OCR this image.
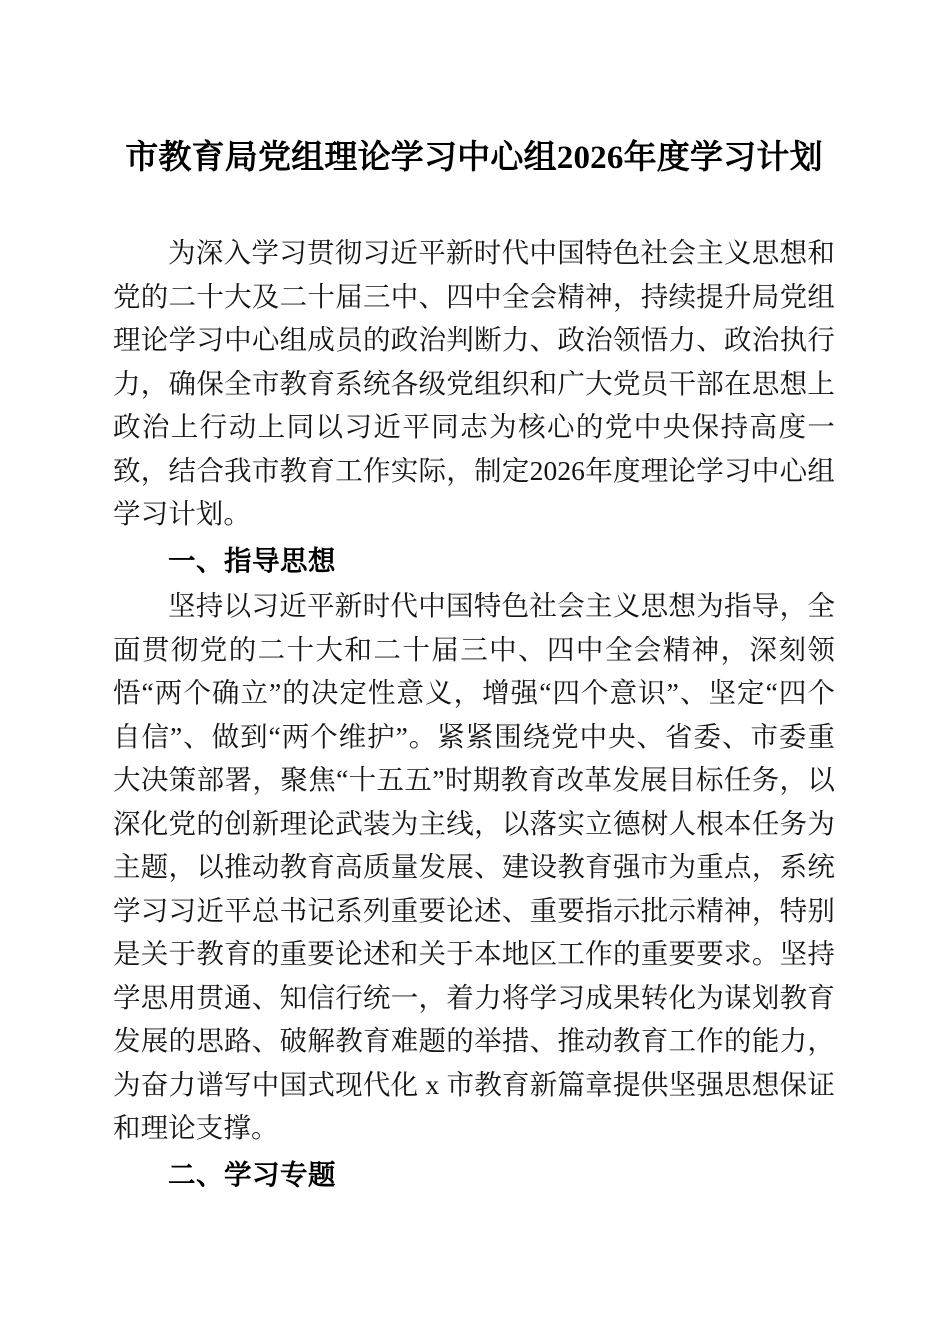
市教育局党组理论学习中心组2026年度学习计划

为深入学习贯彻习近平新时代中国特色社会主义思想和党的二十大及二十届三中、四中全会精神，持续提升局党组理论学习中心组成员的政治判断力、政治领悟力、政治执行力，确保全市教育系统各级党组织和广大党员干部在思想上政治上行动上同以习近平同志为核心的党中央保持高度一致，结合我市教育工作实际，制定2026年度理论学习中心组学习计划。

一、指导思想

坚持以习近平新时代中国特色社会主义思想为指导，全面贯彻党的二十大和二十届三中、四中全会精神，深刻领悟“两个确立”的决定性意义，增强“四个意识”、坚定“四个自信”、做到“两个维护”。紧紧围绕党中央、省委、市委重大决策部署，聚焦“十五五”时期教育改革发展目标任务，以深化党的创新理论武装为主线，以落实立德树人根本任务为主题，以推动教育高质量发展、建设教育强市为重点，系统学习习近平总书记系列重要论述、重要指示批示精神，特别是关于教育的重要论述和关于本地区工作的重要要求。坚持学思用贯通、知信行统一，着力将学习成果转化为谋划教育发展的思路、破解教育难题的举措、推动教育工作的能力，为奋力谱写中国式现代化 x 市教育新篇章提供坚强思想保证和理论支撑。

二、学习专题
